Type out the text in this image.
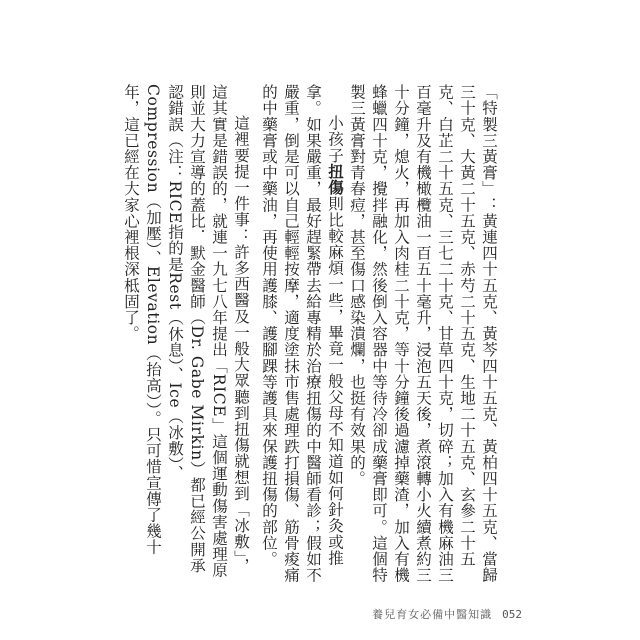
「特製三黃膏」：黃連四十五克、黃芩四十五克、黃柏四十五克、當歸三十克、大黃二十五克、赤芍二十五克、生地二十五克、玄參二十五克、白芷二十五克、三七二十克、甘草四十克，切碎；加入有機麻油三百毫升及有機橄欖油一百五十毫升，浸泡五天後，煮滾轉小火續煮約三十分鐘，熄火，再加入肉桂二十克，等十分鐘後過濾掉藥渣，加入有機蜂蠟四十克，攪拌融化，然後倒入容器中等待冷卻成藥膏即可。這個特製三黃膏對青春痘，甚至傷口感染潰爛，也挺有效果的。

小孩子扭傷則比較麻煩一些，畢竟一般父母不知道如何針灸或推拿。如果嚴重，最好趕緊帶去給專精於治療扭傷的中醫師看診；假如不嚴重，倒是可以自己輕輕按摩，適度塗抹市售處理跌打損傷、筋骨痠痛的中藥膏或中藥油，再使用護膝、護腳踝等護具來保護扭傷的部位。

這裡要提一件事：許多西醫及一般大眾聽到扭傷就想到「冰敷」，這其實是錯誤的，就連一九七八年提出「RICE」這個運動傷害處理原則並大力宣導的蓋比．默金醫師（Dr. Gabe Mirkin）都已經公開承認錯誤（注：RICE指的是Rest（休息）、Ice（冰敷）、Compression（加壓）、Elevation（抬高））。只可惜宣傳了幾十年，這已經在大家心裡根深柢固了。

養兒育女必備中醫知識 052
